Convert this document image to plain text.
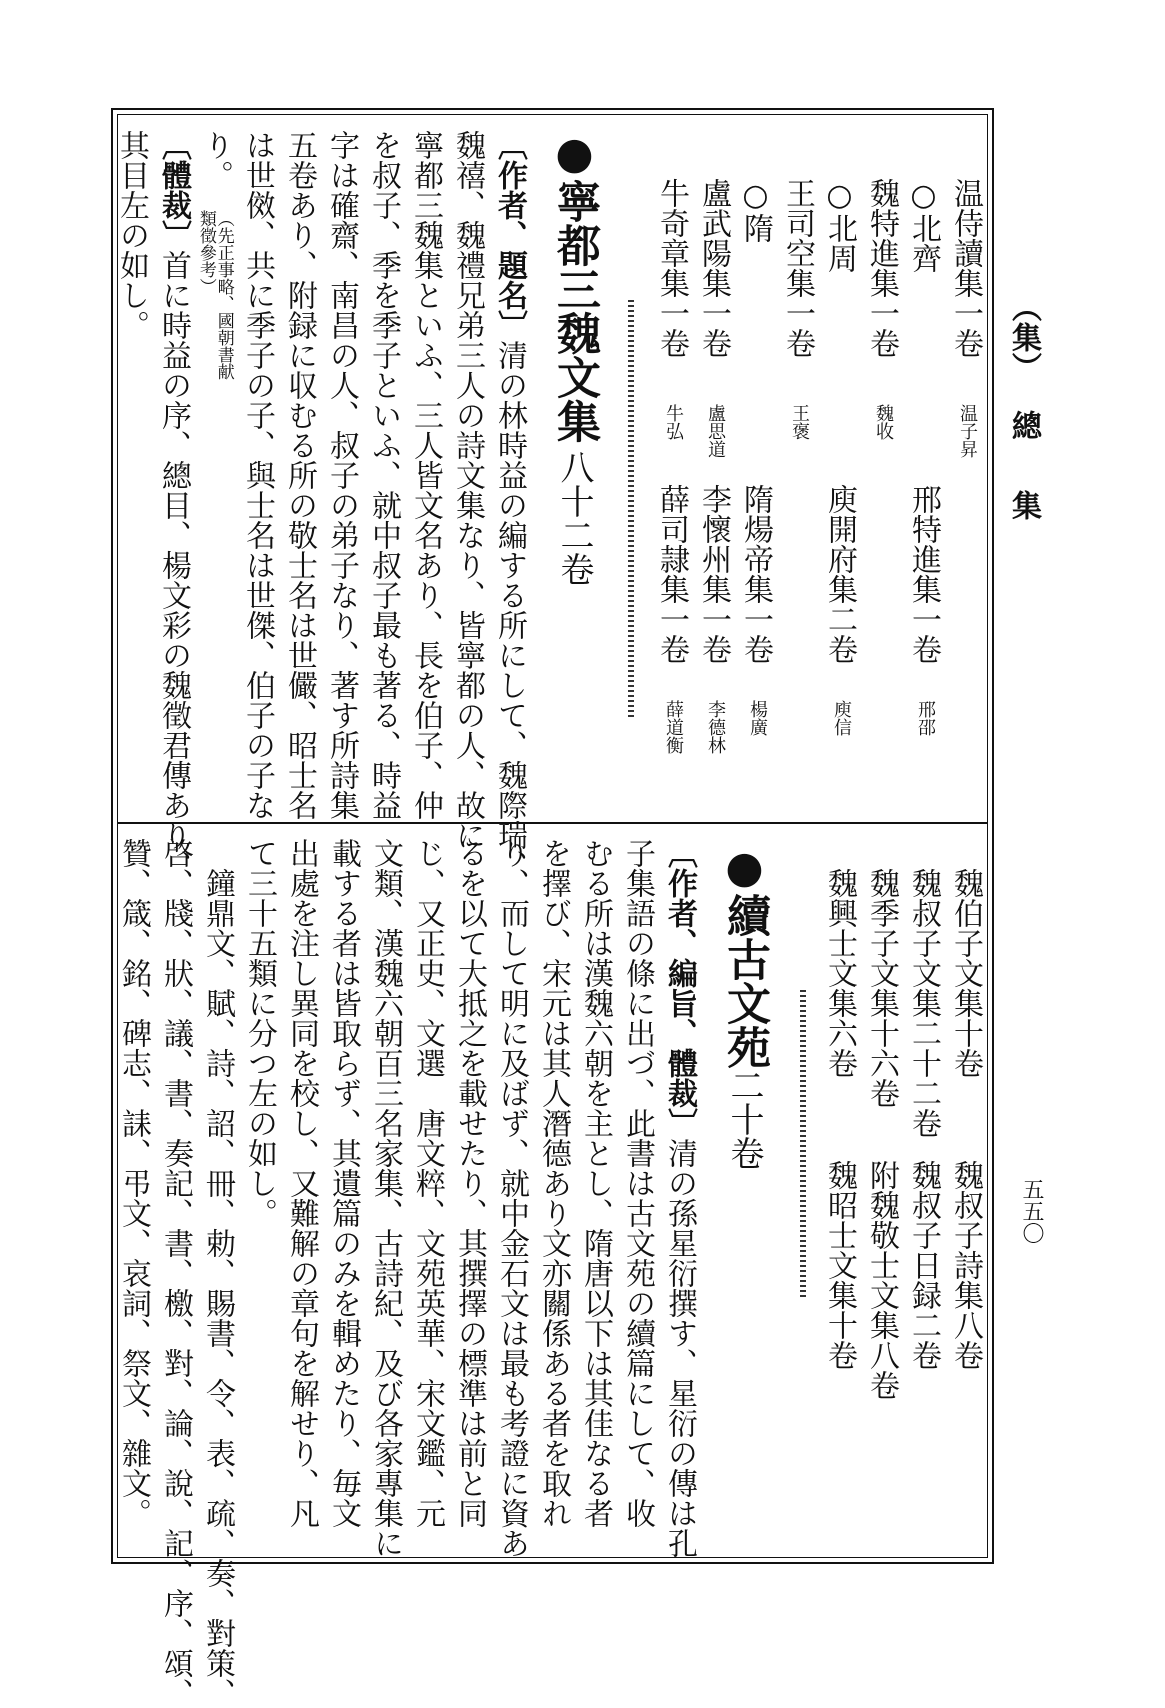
（集）
總　集
五五〇
温侍讀集一卷
温子昇
○北齊
魏特進集一卷
魏收
邢特進集一卷
邢邵
○北周
王司空集一卷
王褒
庾開府集二卷
庾信
○隋
隋煬帝集一卷
楊廣
盧武陽集一卷
盧思道
李懷州集一卷
李德林
牛奇章集一卷
牛弘
薛司隷集一卷
薛道衡
●寧都三魏文集
八十二卷
〔作者、題名〕清の林時益の編する所にして、魏際瑞、
魏禧、魏禮兄弟三人の詩文集なり、皆寧都の人、故に
寧都三魏集といふ、三人皆文名あり、長を伯子、仲
を叔子、季を季子といふ、就中叔子最も著る、時益
字は確齋、南昌の人、叔子の弟子なり、著す所詩集
五卷あり、附録に収むる所の敬士名は世儼、昭士名
は世傚、共に季子の子、與士名は世傑、伯子の子な
り。
（先正事略、國朝書献類徵參考）
〔體裁〕首に時益の序、總目、楊文彩の魏徵君傳あり、
其目左の如し。
魏伯子文集十卷
魏叔子詩集八卷
魏叔子文集二十二卷
魏叔子日録二卷
魏季子文集十六卷
附魏敬士文集八卷
魏興士文集六卷
魏昭士文集十卷
●續古文苑
二十卷
〔作者、編旨、體裁〕清の孫星衍撰す、星衍の傳は孔
子集語の條に出づ、此書は古文苑の續篇にして、收
むる所は漢魏六朝を主とし、隋唐以下は其佳なる者
を擇び、宋元は其人潛德あり文亦關係ある者を取れ
り、而して明に及ばず、就中金石文は最も考證に資あ
るを以て大抵之を載せたり、其撰擇の標準は前と同
じ、又正史、文選　唐文粹、文苑英華、宋文鑑、元
文類、漢魏六朝百三名家集、古詩紀、及び各家專集に
載する者は皆取らず、其遺篇のみを輯めたり、毎文
出處を注し異同を校し、又難解の章句を解せり、凡
て三十五類に分つ左の如し。
鐘鼎文、賦、詩、詔、冊、勅、賜書、令、表、疏、奏、對策、
啓、牋、狀、議、書、奏記、書、檄、對、論、說、記、序、頌、
贊、箴、銘、碑志、誄、弔文、哀詞、祭文、雜文。
